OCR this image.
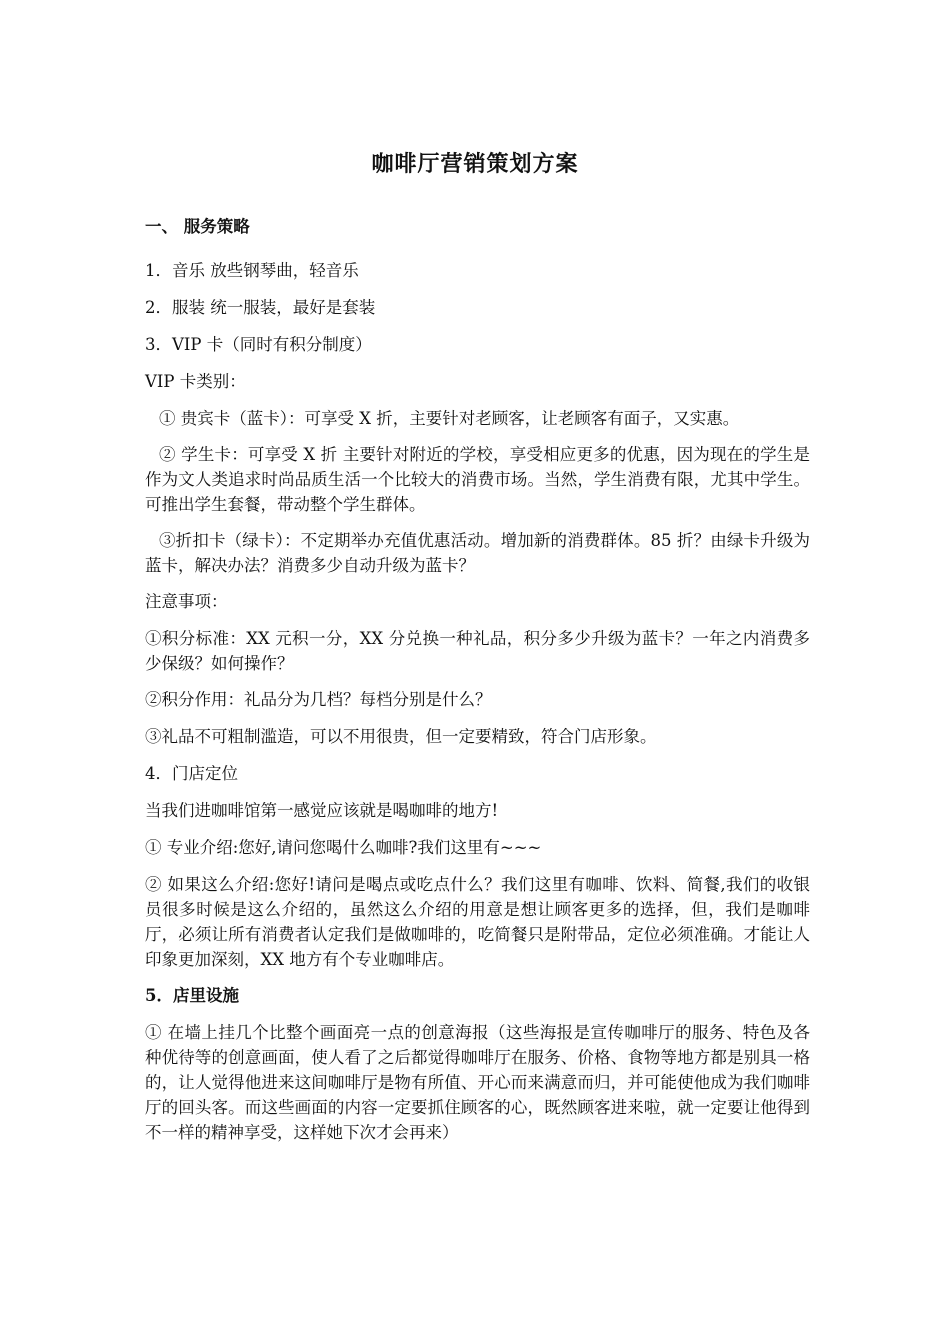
咖啡厅营销策划方案

一、 服务策略

1．音乐 放些钢琴曲，轻音乐

2．服装 统一服装，最好是套装

3．VIP 卡（同时有积分制度）

VIP 卡类别：

① 贵宾卡（蓝卡）：可享受 X 折，主要针对老顾客，让老顾客有面子，又实惠。

② 学生卡：可享受 X 折 主要针对附近的学校，享受相应更多的优惠，因为现在的学生是作为文人类追求时尚品质生活一个比较大的消费市场。当然，学生消费有限，尤其中学生。可推出学生套餐，带动整个学生群体。

③折扣卡（绿卡）：不定期举办充值优惠活动。增加新的消费群体。85 折？由绿卡升级为蓝卡，解决办法？消费多少自动升级为蓝卡？

注意事项：

①积分标准：XX 元积一分，XX 分兑换一种礼品，积分多少升级为蓝卡？一年之内消费多少保级？如何操作？

②积分作用：礼品分为几档？每档分别是什么？

③礼品不可粗制滥造，可以不用很贵，但一定要精致，符合门店形象。

4．门店定位

当我们进咖啡馆第一感觉应该就是喝咖啡的地方!

① 专业介绍:您好,请问您喝什么咖啡?我们这里有~~~

② 如果这么介绍:您好!请问是喝点或吃点什么？我们这里有咖啡、饮料、简餐,我们的收银员很多时候是这么介绍的，虽然这么介绍的用意是想让顾客更多的选择，但，我们是咖啡厅，必须让所有消费者认定我们是做咖啡的，吃简餐只是附带品，定位必须准确。才能让人印象更加深刻，XX 地方有个专业咖啡店。

5．店里设施

① 在墙上挂几个比整个画面亮一点的创意海报（这些海报是宣传咖啡厅的服务、特色及各种优待等的创意画面，使人看了之后都觉得咖啡厅在服务、价格、食物等地方都是别具一格的，让人觉得他进来这间咖啡厅是物有所值、开心而来满意而归，并可能使他成为我们咖啡厅的回头客。而这些画面的内容一定要抓住顾客的心，既然顾客进来啦，就一定要让他得到不一样的精神享受，这样她下次才会再来）
